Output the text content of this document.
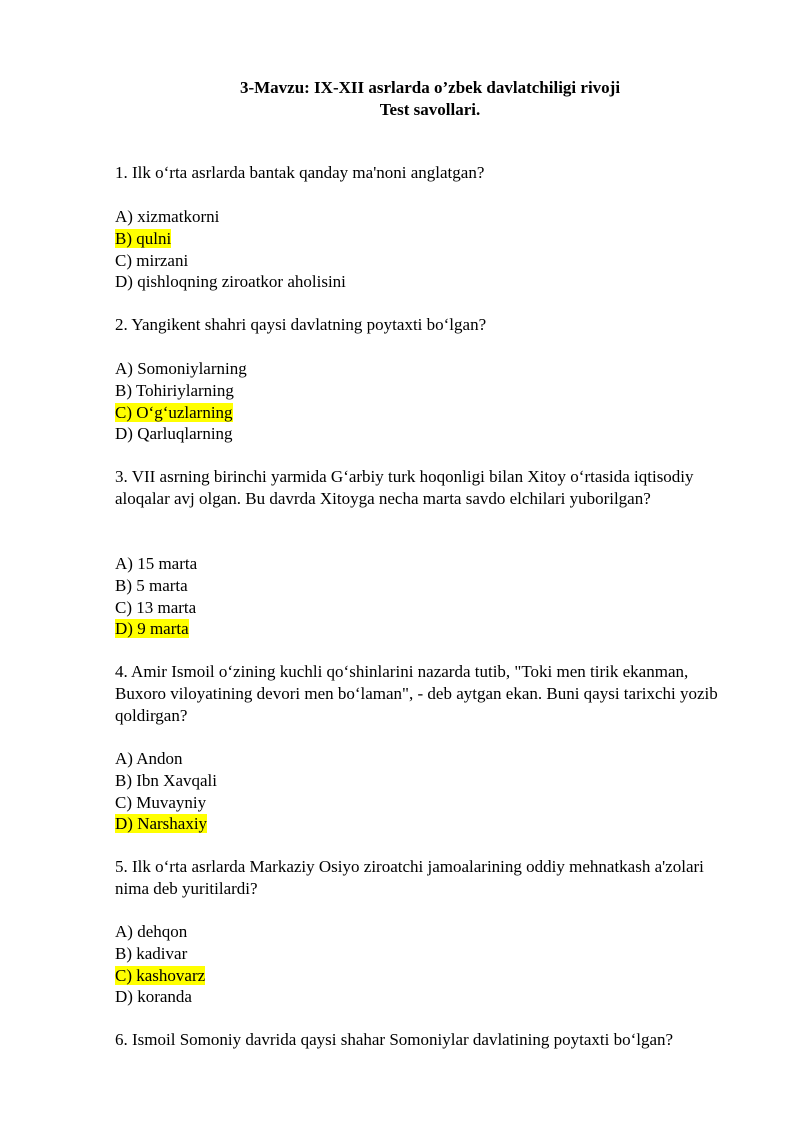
3-Mavzu: IX-XII asrlarda o’zbek davlatchiligi rivoji
Test savollari.

1. Ilk o‘rta asrlarda bantak qanday ma'noni anglatgan?

A) xizmatkorni
B) qulni
C) mirzani
D) qishloqning ziroatkor aholisini

2. Yangikent shahri qaysi davlatning poytaxti bo‘lgan?

A) Somoniylarning
B) Tohiriylarning
C) O‘g‘uzlarning
D) Qarluqlarning

3. VII asrning birinchi yarmida G‘arbiy turk hoqonligi bilan Xitoy o‘rtasida iqtisodiy aloqalar avj olgan. Bu davrda Xitoyga necha marta savdo elchilari yuborilgan?

A) 15 marta
B) 5 marta
C) 13 marta
D) 9 marta

4. Amir Ismoil o‘zining kuchli qo‘shinlarini nazarda tutib, "Toki men tirik ekanman, Buxoro viloyatining devori men bo‘laman", - deb aytgan ekan. Buni qaysi tarixchi yozib qoldirgan?

A) Andon
B) Ibn Xavqali
C) Muvayniy
D) Narshaxiy

5. Ilk o‘rta asrlarda Markaziy Osiyo ziroatchi jamoalarining oddiy mehnatkash a'zolari nima deb yuritilardi?

A) dehqon
B) kadivar
C) kashovarz
D) koranda

6. Ismoil Somoniy davrida qaysi shahar Somoniylar davlatining poytaxti bo‘lgan?
